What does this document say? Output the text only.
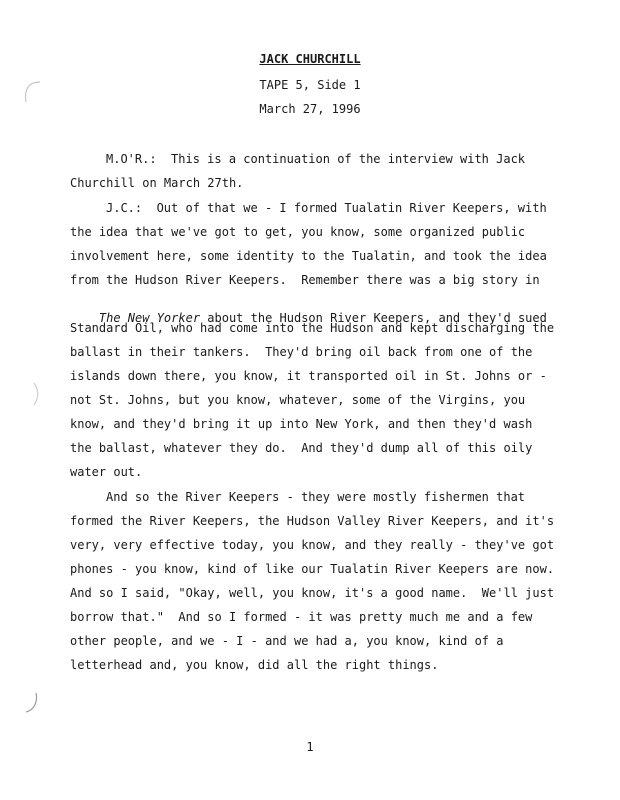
JACK CHURCHILL
TAPE 5, Side 1
March 27, 1996
M.O'R.:  This is a continuation of the interview with Jack
Churchill on March 27th.
J.C.:  Out of that we - I formed Tualatin River Keepers, with
the idea that we've got to get, you know, some organized public
involvement here, some identity to the Tualatin, and took the idea
from the Hudson River Keepers.  Remember there was a big story in

The New Yorker about the Hudson River Keepers, and they'd sued

Standard Oil, who had come into the Hudson and kept discharging the
ballast in their tankers.  They'd bring oil back from one of the
islands down there, you know, it transported oil in St. Johns or -
not St. Johns, but you know, whatever, some of the Virgins, you
know, and they'd bring it up into New York, and then they'd wash
the ballast, whatever they do.  And they'd dump all of this oily
water out.
And so the River Keepers - they were mostly fishermen that
formed the River Keepers, the Hudson Valley River Keepers, and it's
very, very effective today, you know, and they really - they've got
phones - you know, kind of like our Tualatin River Keepers are now.
And so I said, "Okay, well, you know, it's a good name.  We'll just
borrow that."  And so I formed - it was pretty much me and a few
other people, and we - I - and we had a, you know, kind of a
letterhead and, you know, did all the right things.
1
